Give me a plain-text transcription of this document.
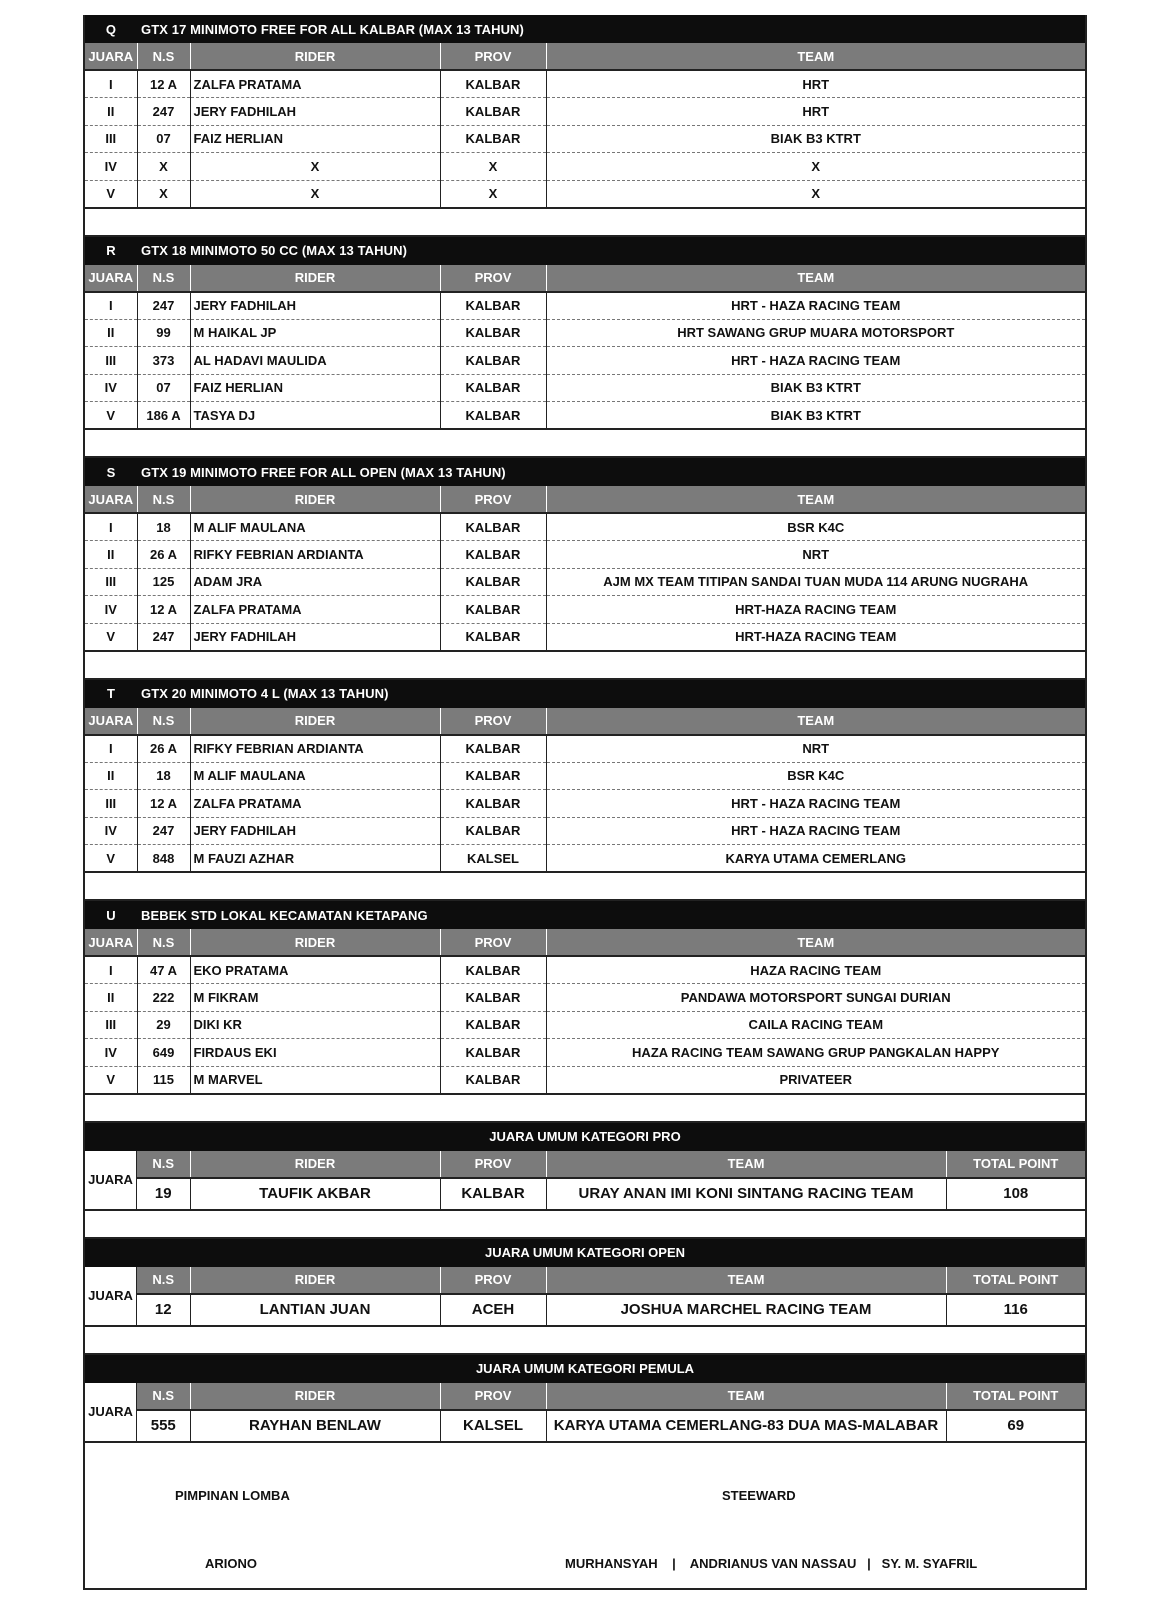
Q	GTX 17 MINIMOTO FREE FOR ALL KALBAR (MAX 13 TAHUN)
JUARA	N.S	RIDER	PROV	TEAM
I	12 A	ZALFA PRATAMA	KALBAR	HRT
II	247	JERY FADHILAH	KALBAR	HRT
III	07	FAIZ HERLIAN	KALBAR	BIAK B3 KTRT
IV	X	X	X	X
V	X	X	X	X
R	GTX 18 MINIMOTO 50 CC (MAX 13 TAHUN)
JUARA	N.S	RIDER	PROV	TEAM
I	247	JERY FADHILAH	KALBAR	HRT - HAZA RACING TEAM
II	99	M HAIKAL JP	KALBAR	HRT SAWANG GRUP MUARA MOTORSPORT
III	373	AL HADAVI MAULIDA	KALBAR	HRT - HAZA RACING TEAM
IV	07	FAIZ HERLIAN	KALBAR	BIAK B3 KTRT
V	186 A	TASYA DJ	KALBAR	BIAK B3 KTRT
S	GTX 19 MINIMOTO FREE FOR ALL OPEN (MAX 13 TAHUN)
JUARA	N.S	RIDER	PROV	TEAM
I	18	M ALIF MAULANA	KALBAR	BSR K4C
II	26 A	RIFKY FEBRIAN ARDIANTA	KALBAR	NRT
III	125	ADAM JRA	KALBAR	AJM MX TEAM TITIPAN SANDAI TUAN MUDA 114 ARUNG NUGRAHA
IV	12 A	ZALFA PRATAMA	KALBAR	HRT-HAZA RACING TEAM
V	247	JERY FADHILAH	KALBAR	HRT-HAZA RACING TEAM
T	GTX 20 MINIMOTO 4 L (MAX 13 TAHUN)
JUARA	N.S	RIDER	PROV	TEAM
I	26 A	RIFKY FEBRIAN ARDIANTA	KALBAR	NRT
II	18	M ALIF MAULANA	KALBAR	BSR K4C
III	12 A	ZALFA PRATAMA	KALBAR	HRT - HAZA RACING TEAM
IV	247	JERY FADHILAH	KALBAR	HRT - HAZA RACING TEAM
V	848	M FAUZI AZHAR	KALSEL	KARYA UTAMA CEMERLANG
U	BEBEK STD LOKAL KECAMATAN KETAPANG
JUARA	N.S	RIDER	PROV	TEAM
I	47 A	EKO PRATAMA	KALBAR	HAZA RACING TEAM
II	222	M FIKRAM	KALBAR	PANDAWA MOTORSPORT SUNGAI DURIAN
III	29	DIKI KR	KALBAR	CAILA RACING TEAM
IV	649	FIRDAUS EKI	KALBAR	HAZA RACING TEAM SAWANG GRUP PANGKALAN HAPPY
V	115	M MARVEL	KALBAR	PRIVATEER
JUARA UMUM KATEGORI PRO
JUARA
N.S	RIDER	PROV	TEAM	TOTAL POINT
19	TAUFIK AKBAR	KALBAR	URAY ANAN IMI KONI SINTANG RACING TEAM	108
JUARA UMUM KATEGORI OPEN
JUARA
N.S	RIDER	PROV	TEAM	TOTAL POINT
12	LANTIAN JUAN	ACEH	JOSHUA MARCHEL RACING TEAM	116
JUARA UMUM KATEGORI PEMULA
JUARA
N.S	RIDER	PROV	TEAM	TOTAL POINT
555	RAYHAN BENLAW	KALSEL	KARYA UTAMA CEMERLANG-83 DUA MAS-MALABAR	69
PIMPINAN LOMBA
ARIONO
STEEWARD
MURHANSYAH    |    ANDRIANUS VAN NASSAU   |   SY. M. SYAFRIL
